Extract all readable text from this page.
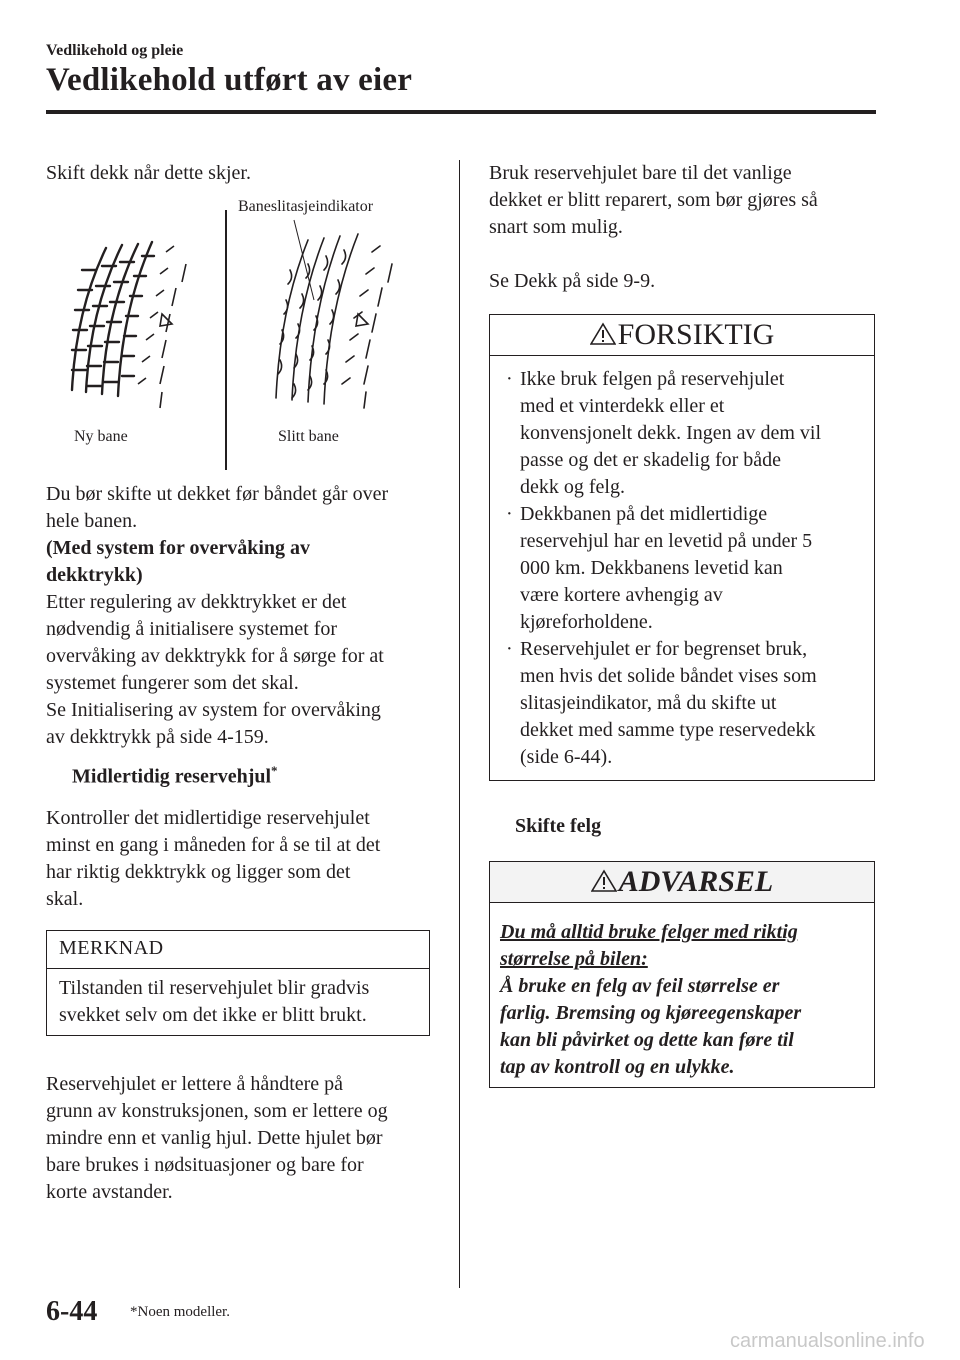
Vedlikehold og pleie
Vedlikehold utført av eier
Skift dekk når dette skjer.
Baneslitasjeindikator
Ny bane	Slitt bane

Du bør skifte ut dekket før båndet går over

hele banen.

(Med system for overvåking av

dekktrykk)

Etter regulering av dekktrykket er det

nødvendig å initialisere systemet for

overvåking av dekktrykk for å sørge for at

systemet fungerer som det skal.

Se Initialisering av system for overvåking

av dekktrykk på side 4-159.

Midlertidig reservehjul*

Kontroller det midlertidige reservehjulet

minst en gang i måneden for å se til at det

har riktig dekktrykk og ligger som det

skal.

MERKNAD
Tilstanden til reservehjulet blir gradvis
svekket selv om det ikke er blitt brukt.

Reservehjulet er lettere å håndtere på

grunn av konstruksjonen, som er lettere og

mindre enn et vanlig hjul. Dette hjulet bør

bare brukes i nødsituasjoner og bare for

korte avstander.

Bruk reservehjulet bare til det vanlige

dekket er blitt reparert, som bør gjøres så

snart som mulig.

Se Dekk på side 9-9.
FORSIKTIG
· Ikke bruk felgen på reservehjulet
med et vinterdekk eller et
konvensjonelt dekk. Ingen av dem vil
passe og det er skadelig for både
dekk og felg.
· Dekkbanen på det midlertidige
reservehjul har en levetid på under 5
000 km. Dekkbanens levetid kan
være kortere avhengig av
kjøreforholdene.
· Reservehjulet er for begrenset bruk,
men hvis det solide båndet vises som
slitasjeindikator, må du skifte ut
dekket med samme type reservedekk
(side 6-44).
Skifte felg
ADVARSEL
Du må alltid bruke felger med riktig
størrelse på bilen:
Å bruke en felg av feil størrelse er
farlig. Bremsing og kjøreegenskaper
kan bli påvirket og dette kan føre til
tap av kontroll og en ulykke.
6-44 *Noen modeller.
carmanualsonline.info
